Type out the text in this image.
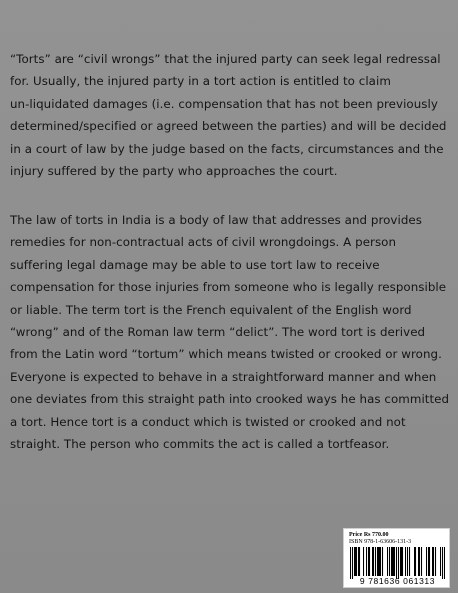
“Torts” are “civil wrongs” that the injured party can seek legal redressal
for. Usually, the injured party in a tort action is entitled to claim
un-liquidated damages (i.e. compensation that has not been previously
determined/specified or agreed between the parties) and will be decided
in a court of law by the judge based on the facts, circumstances and the
injury suffered by the party who approaches the court.
The law of torts in India is a body of law that addresses and provides
remedies for non-contractual acts of civil wrongdoings. A person
suffering legal damage may be able to use tort law to receive
compensation for those injuries from someone who is legally responsible
or liable. The term tort is the French equivalent of the English word
“wrong” and of the Roman law term “delict”. The word tort is derived
from the Latin word “tortum” which means twisted or crooked or wrong.
Everyone is expected to behave in a straightforward manner and when
one deviates from this straight path into crooked ways he has committed
a tort. Hence tort is a conduct which is twisted or crooked and not
straight. The person who commits the act is called a tortfeasor.
Price Rs 770.00
ISBN 978-1-63606-131-3
9 781636 061313
